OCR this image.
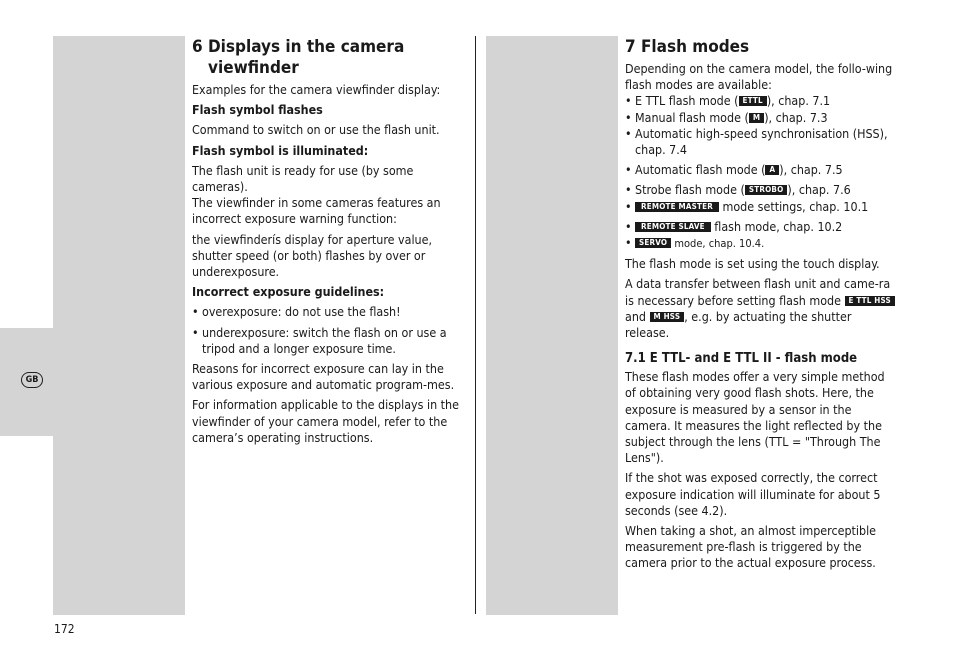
GB
6 Displays in the camera viewfinder

Examples for the camera viewfinder display:

Flash symbol flashes

Command to switch on or use the flash unit.

Flash symbol is illuminated:

The flash unit is ready for use (by some cameras).

The viewfinder in some cameras features an incorrect exposure warning function:

the viewfinderís display for aperture value, shutter speed (or both) flashes by over or underexposure.

Incorrect exposure guidelines:

• overexposure: do not use the flash!
• underexposure: switch the flash on or use a tripod and a longer exposure time.

Reasons for incorrect exposure can lay in the various exposure and automatic program-mes.

For information applicable to the displays in the viewfinder of your camera model, refer to the camera’s operating instructions.

7 Flash modes

Depending on the camera model, the follo-wing flash modes are available:

• E TTL flash mode ( ETTL ), chap. 7.1
• Manual flash mode ( M ), chap. 7.3
• Automatic high-speed synchronisation (HSS), chap. 7.4
• Automatic flash mode ( A ), chap. 7.5
• Strobe flash mode ( STROBO ), chap. 7.6
•	REMOTE MASTER mode settings, chap. 10.1
•	REMOTE SLAVE flash mode, chap. 10.2
• SERVO mode, chap. 10.4.

The flash mode is set using the touch display.

A data transfer between flash unit and came-ra is necessary before setting flash mode E TTL HSS and M HSS , e.g. by actuating the shutter release.

7.1 E TTL- and E TTL II - flash mode

These flash modes offer a very simple method of obtaining very good flash shots. Here, the exposure is measured by a sensor in the camera. It measures the light reflected by the subject through the lens (TTL = "Through The Lens").

If the shot was exposed correctly, the correct exposure indication will illuminate for about 5 seconds (see 4.2).

When taking a shot, an almost imperceptible measurement pre-flash is triggered by the camera prior to the actual exposure process.

172
